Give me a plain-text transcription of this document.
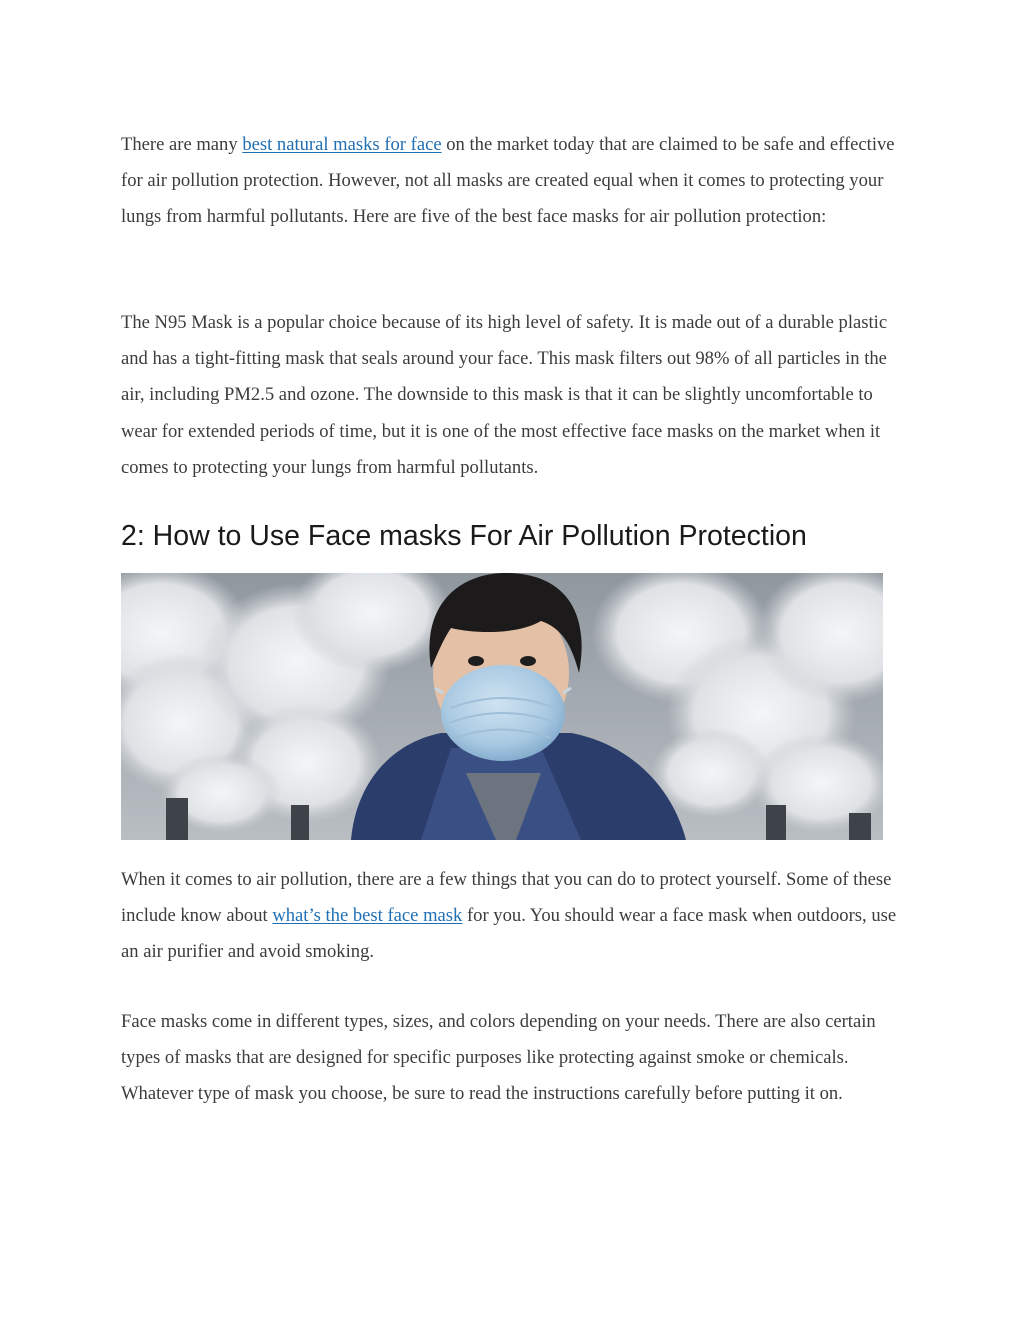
There are many best natural masks for face on the market today that are claimed to be safe and effective for air pollution protection. However, not all masks are created equal when it comes to protecting your lungs from harmful pollutants. Here are five of the best face masks for air pollution protection:

The N95 Mask is a popular choice because of its high level of safety. It is made out of a durable plastic and has a tight-fitting mask that seals around your face. This mask filters out 98% of all particles in the air, including PM2.5 and ozone. The downside to this mask is that it can be slightly uncomfortable to wear for extended periods of time, but it is one of the most effective face masks on the market when it comes to protecting your lungs from harmful pollutants.

2: How to Use Face masks For Air Pollution Protection

When it comes to air pollution, there are a few things that you can do to protect yourself. Some of these include know about what’s the best face mask for you. You should wear a face mask when outdoors, use an air purifier and avoid smoking.

Face masks come in different types, sizes, and colors depending on your needs. There are also certain types of masks that are designed for specific purposes like protecting against smoke or chemicals. Whatever type of mask you choose, be sure to read the instructions carefully before putting it on.
